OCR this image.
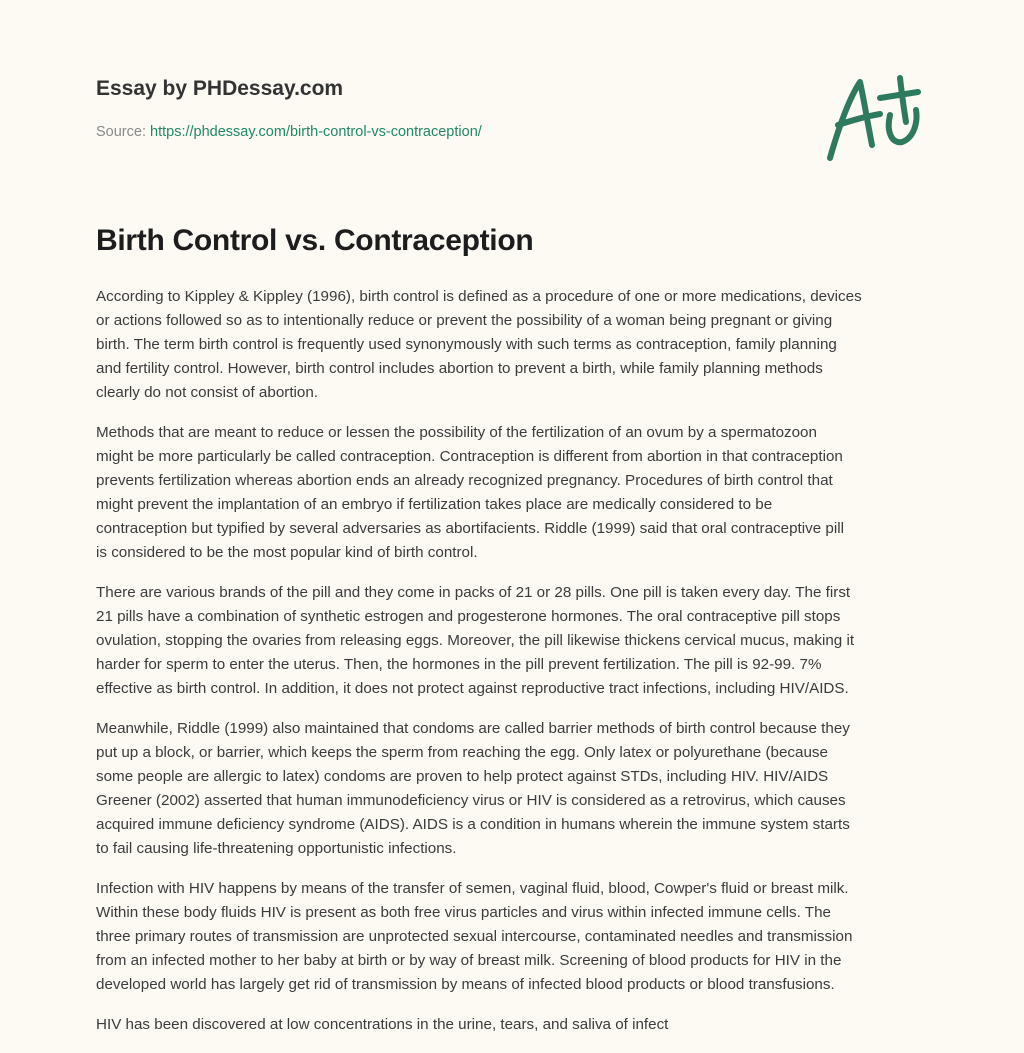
Essay by PHDessay.com
Source: https://phdessay.com/birth-control-vs-contraception/
Birth Control vs. Contraception

According to Kippley & Kippley (1996), birth control is defined as a procedure of one or more medications, devices
or actions followed so as to intentionally reduce or prevent the possibility of a woman being pregnant or giving
birth. The term birth control is frequently used synonymously with such terms as contraception, family planning
and fertility control. However, birth control includes abortion to prevent a birth, while family planning methods
clearly do not consist of abortion.

Methods that are meant to reduce or lessen the possibility of the fertilization of an ovum by a spermatozoon
might be more particularly be called contraception. Contraception is different from abortion in that contraception
prevents fertilization whereas abortion ends an already recognized pregnancy. Procedures of birth control that
might prevent the implantation of an embryo if fertilization takes place are medically considered to be
contraception but typified by several adversaries as abortifacients. Riddle (1999) said that oral contraceptive pill
is considered to be the most popular kind of birth control.

There are various brands of the pill and they come in packs of 21 or 28 pills. One pill is taken every day. The first
21 pills have a combination of synthetic estrogen and progesterone hormones. The oral contraceptive pill stops
ovulation, stopping the ovaries from releasing eggs. Moreover, the pill likewise thickens cervical mucus, making it
harder for sperm to enter the uterus. Then, the hormones in the pill prevent fertilization. The pill is 92-99. 7%
effective as birth control. In addition, it does not protect against reproductive tract infections, including HIV/AIDS.

Meanwhile, Riddle (1999) also maintained that condoms are called barrier methods of birth control because they
put up a block, or barrier, which keeps the sperm from reaching the egg. Only latex or polyurethane (because
some people are allergic to latex) condoms are proven to help protect against STDs, including HIV. HIV/AIDS
Greener (2002) asserted that human immunodeficiency virus or HIV is considered as a retrovirus, which causes
acquired immune deficiency syndrome (AIDS). AIDS is a condition in humans wherein the immune system starts
to fail causing life-threatening opportunistic infections.

Infection with HIV happens by means of the transfer of semen, vaginal fluid, blood, Cowper's fluid or breast milk.
Within these body fluids HIV is present as both free virus particles and virus within infected immune cells. The
three primary routes of transmission are unprotected sexual intercourse, contaminated needles and transmission
from an infected mother to her baby at birth or by way of breast milk. Screening of blood products for HIV in the
developed world has largely get rid of transmission by means of infected blood products or blood transfusions.

HIV has been discovered at low concentrations in the urine, tears, and saliva of infect
